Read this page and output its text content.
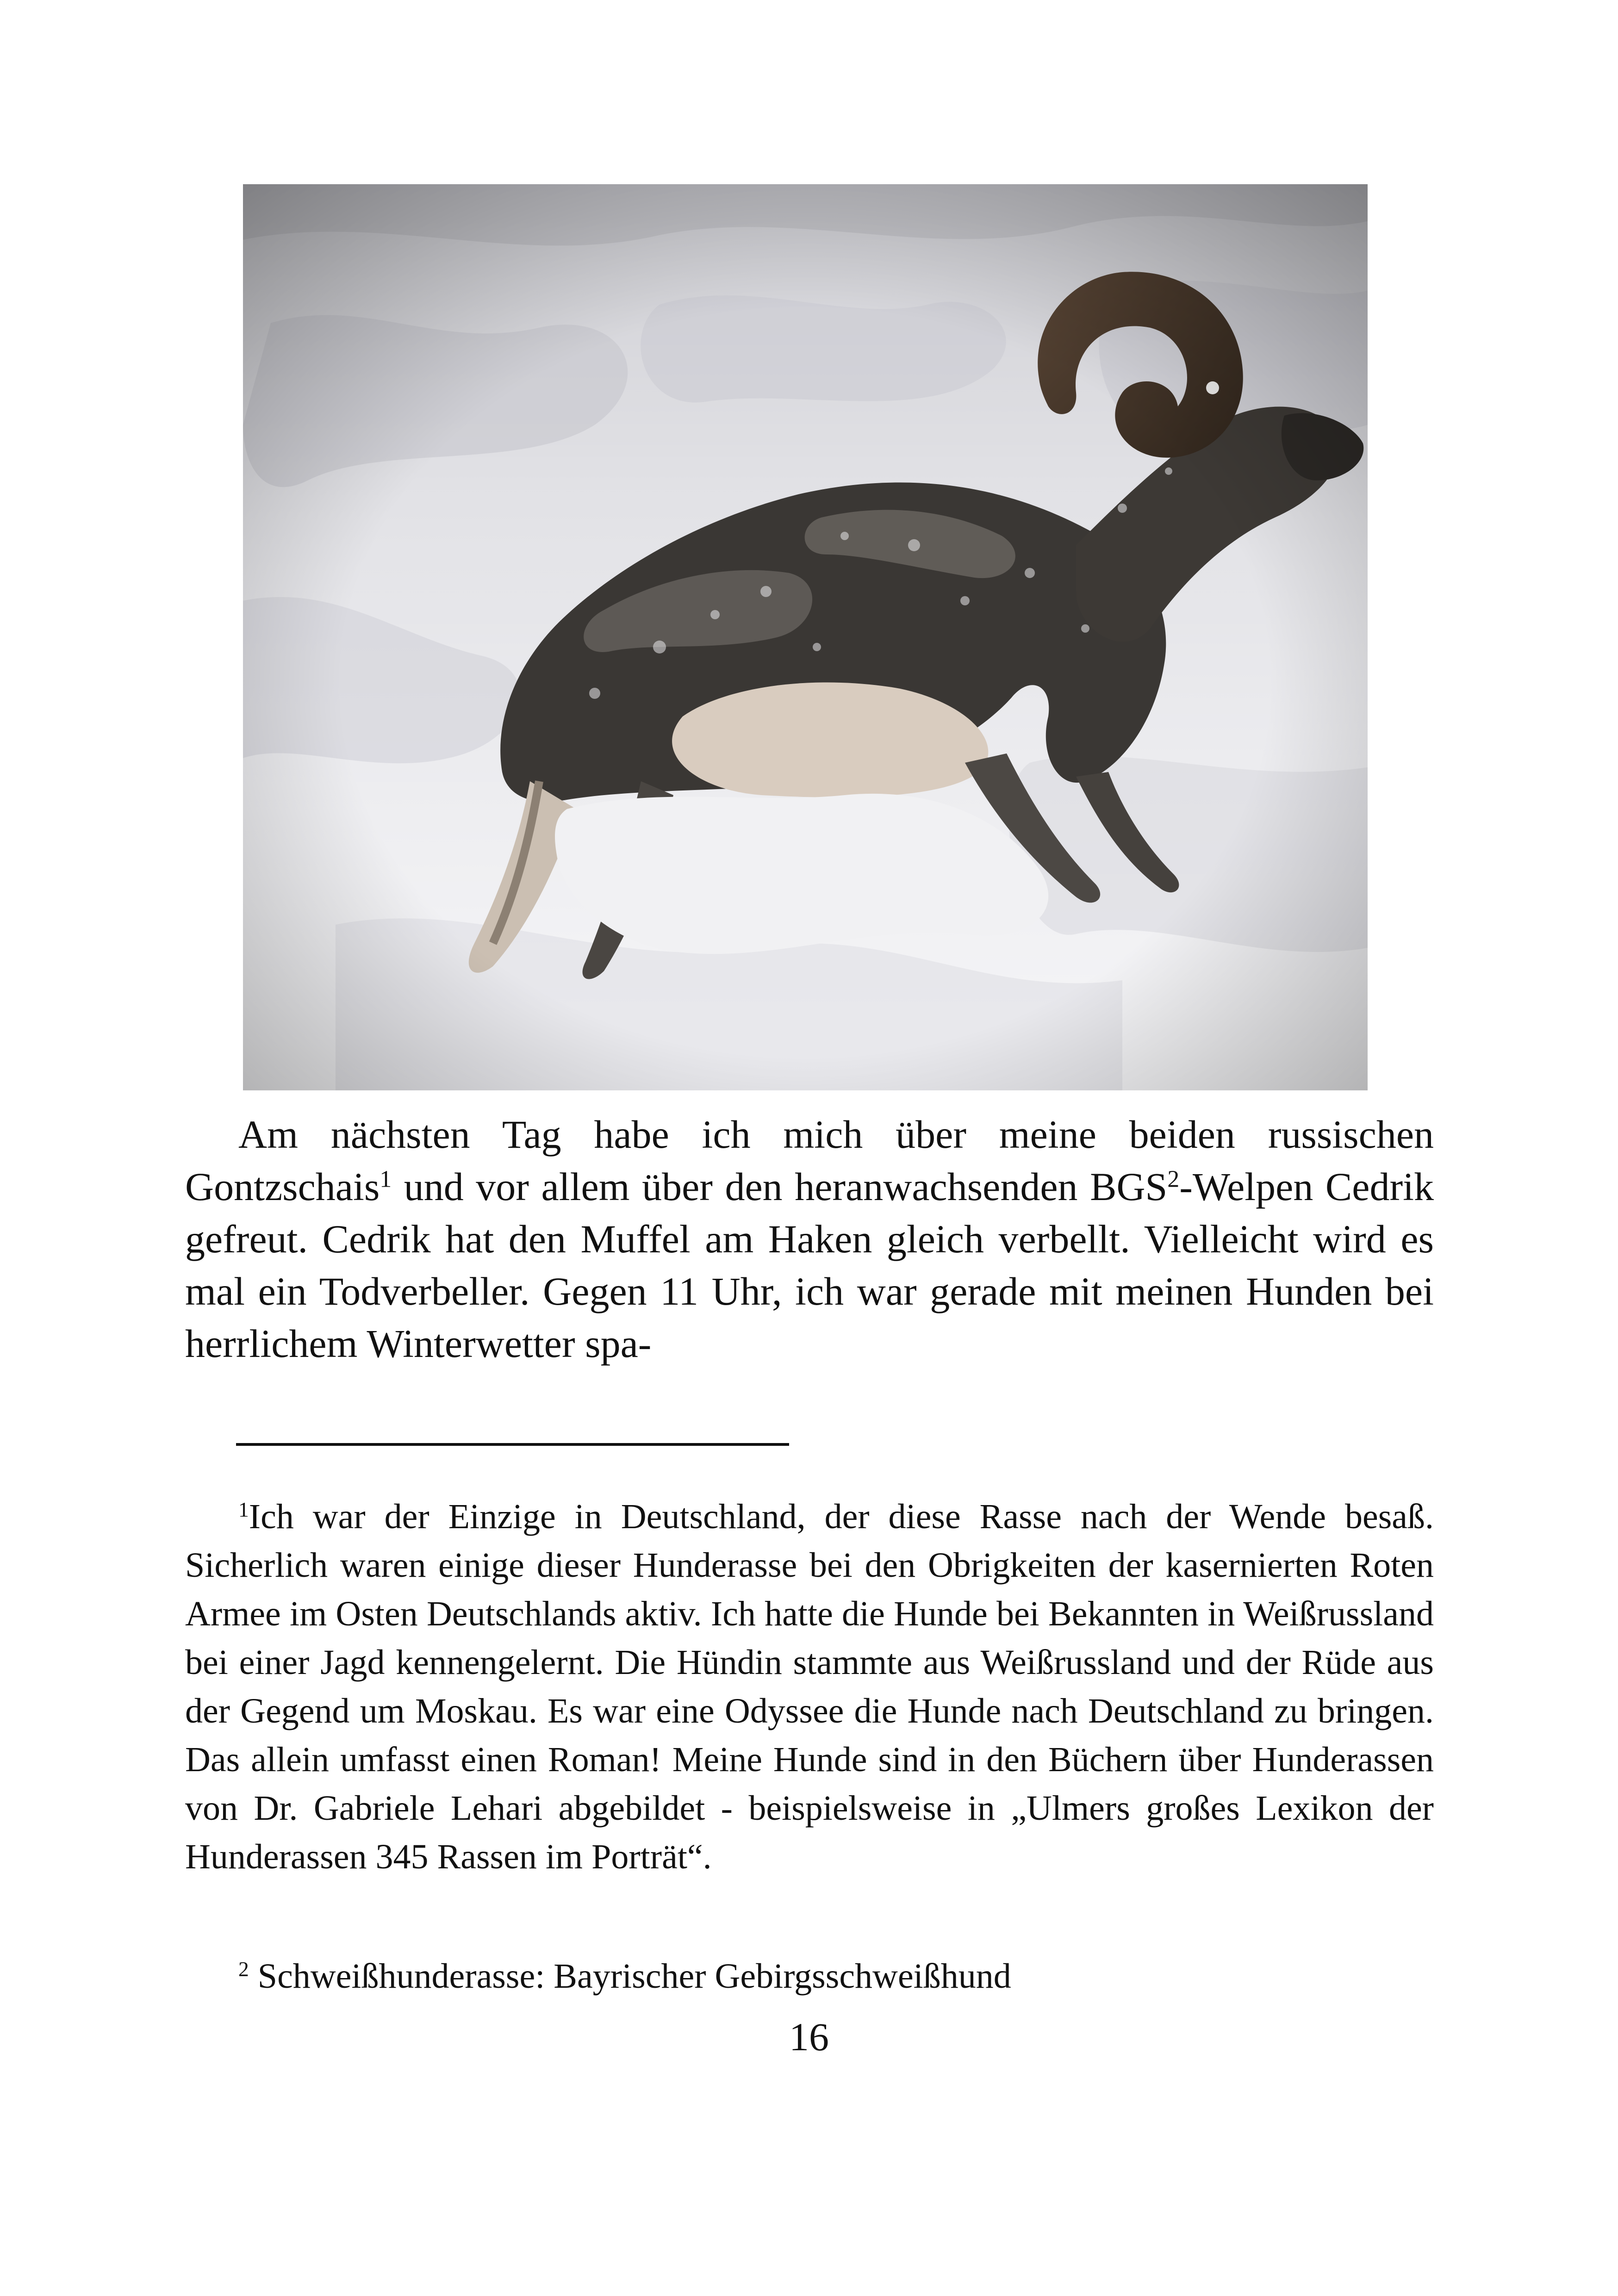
Am nächsten Tag habe ich mich über meine beiden russischen Gontzschais$^1$ und vor allem über den heranwachsenden BGS$^2$-Welpen Cedrik gefreut. Cedrik hat den Muffel am Haken gleich verbellt. Vielleicht wird es mal ein Todverbeller. Gegen 11 Uhr, ich war gerade mit meinen Hunden bei herrlichem Winterwetter spa-

$^1$Ich war der Einzige in Deutschland, der diese Rasse nach der Wende besaß. Sicherlich waren einige dieser Hunderasse bei den Obrigkeiten der kasernierten Roten Armee im Osten Deutschlands aktiv. Ich hatte die Hunde bei Bekannten in Weißrussland bei einer Jagd kennengelernt. Die Hündin stammte aus Weißrussland und der Rüde aus der Gegend um Moskau. Es war eine Odyssee die Hunde nach Deutschland zu bringen. Das allein umfasst einen Roman! Meine Hunde sind in den Büchern über Hunderassen von Dr. Gabriele Lehari abgebildet - beispielsweise in „Ulmers großes Lexikon der Hunderassen 345 Rassen im Porträt“.

$^2$ Schweißhunderasse: Bayrischer Gebirgsschweißhund

16
